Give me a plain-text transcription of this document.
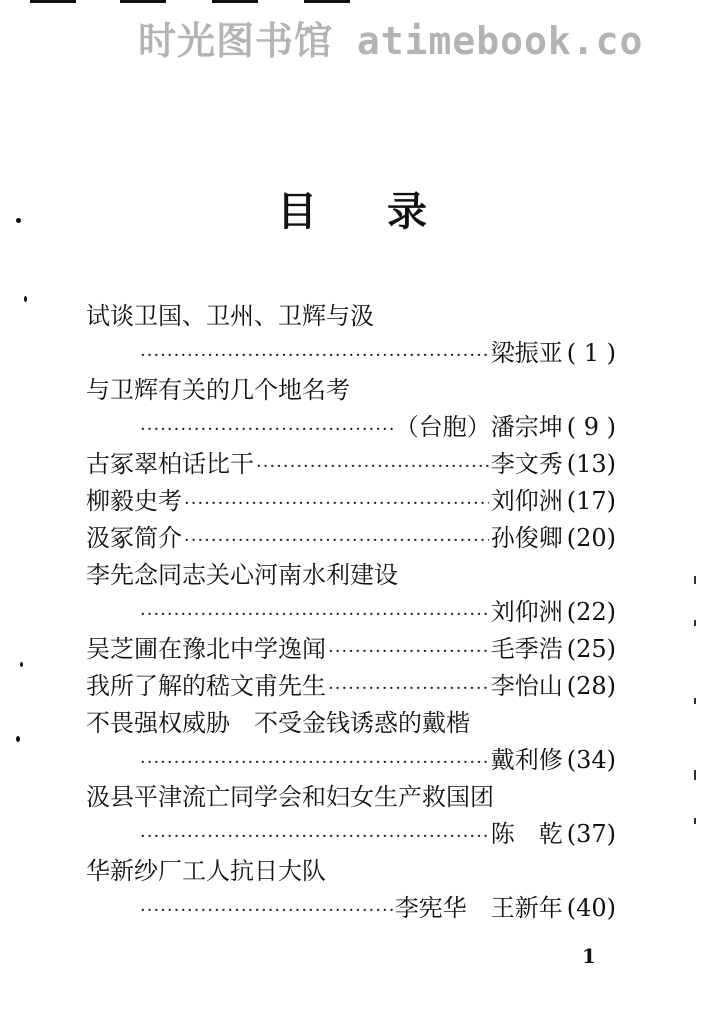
时光图书馆 atimebook.co
目 录
试谈卫国、卫州、卫辉与汲
·····
梁振亚 ( 1 )
与卫辉有关的几个地名考
·····
（台胞）潘宗坤 ( 9 )
古冢翠柏话比干 ·····	李文秀 (13)
柳毅史考 ·····	刘仰洲 (17)
汲冢简介 ·····	孙俊卿 (20)
李先念同志关心河南水利建设
·····
刘仰洲 (22)
吴芝圃在豫北中学逸闻 ·····	毛季浩 (25)
我所了解的嵇文甫先生 ·····	李怡山 (28)
不畏强权威胁　不受金钱诱惑的戴楷
·····
戴利修 (34)
汲县平津流亡同学会和妇女生产救国团
·····
陈　乾 (37)
华新纱厂工人抗日大队
·····
李宪华　王新年 (40)
1
